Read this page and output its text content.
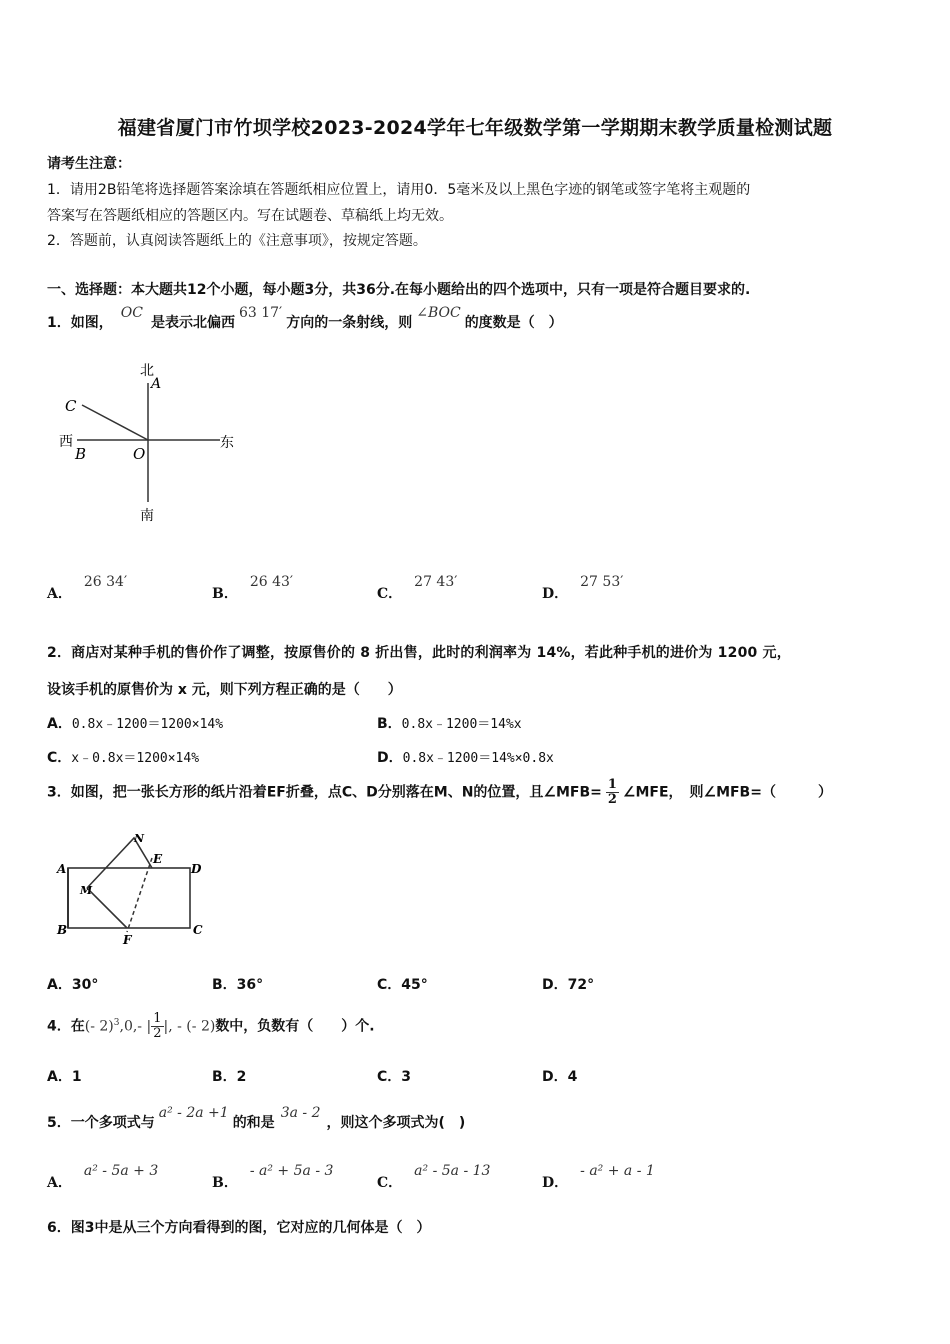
福建省厦门市竹坝学校2023-2024学年七年级数学第一学期期末教学质量检测试题
请考生注意：
1．请用2B铅笔将选择题答案涂填在答题纸相应位置上，请用0．5毫米及以上黑色字迹的钢笔或签字笔将主观题的
答案写在答题纸相应的答题区内。写在试题卷、草稿纸上均无效。
2．答题前，认真阅读答题纸上的《注意事项》，按规定答题。
一、选择题：本大题共12个小题，每小题3分，共36分.在每小题给出的四个选项中，只有一项是符合题目要求的.
1．如图，OC是表示北偏西63 17′方向的一条射线，则∠BOC的度数是（　）
北
A
C
西
B	O
东
南
A．26 34′
B．26 43′
C．27 43′
D．27 53′
2．商店对某种手机的售价作了调整，按原售价的 8 折出售，此时的利润率为 14%，若此种手机的进价为 1200 元，
设该手机的原售价为 x 元，则下列方程正确的是（　　）
A．0.8x﹣1200＝1200×14%	B．0.8x﹣1200＝14%x
C．x﹣0.8x＝1200×14%	D．0.8x﹣1200＝14%×0.8x
3．如图，把一张长方形的纸片沿着EF折叠，点C、D分别落在M、N的位置，且∠MFB= $\frac{1}{2}$ ∠MFE，　则∠MFB=（　　　）
A
B	C
D
E
F
M
N
A．30°	B．36°	C．45°	D．72°
4．在(- 2)$^3$,0,- | $\frac{1}{2}$ |, - (- 2)数中，负数有（　　）个.
A．1	B．2	C．3	D．4
5．一个多项式与a² - 2a +1的和是3a - 2，则这个多项式为(　)
A．a² - 5a + 3
B．- a² + 5a - 3
C．a² - 5a - 13
D．- a² + a - 1
6．图3中是从三个方向看得到的图，它对应的几何体是（　）
